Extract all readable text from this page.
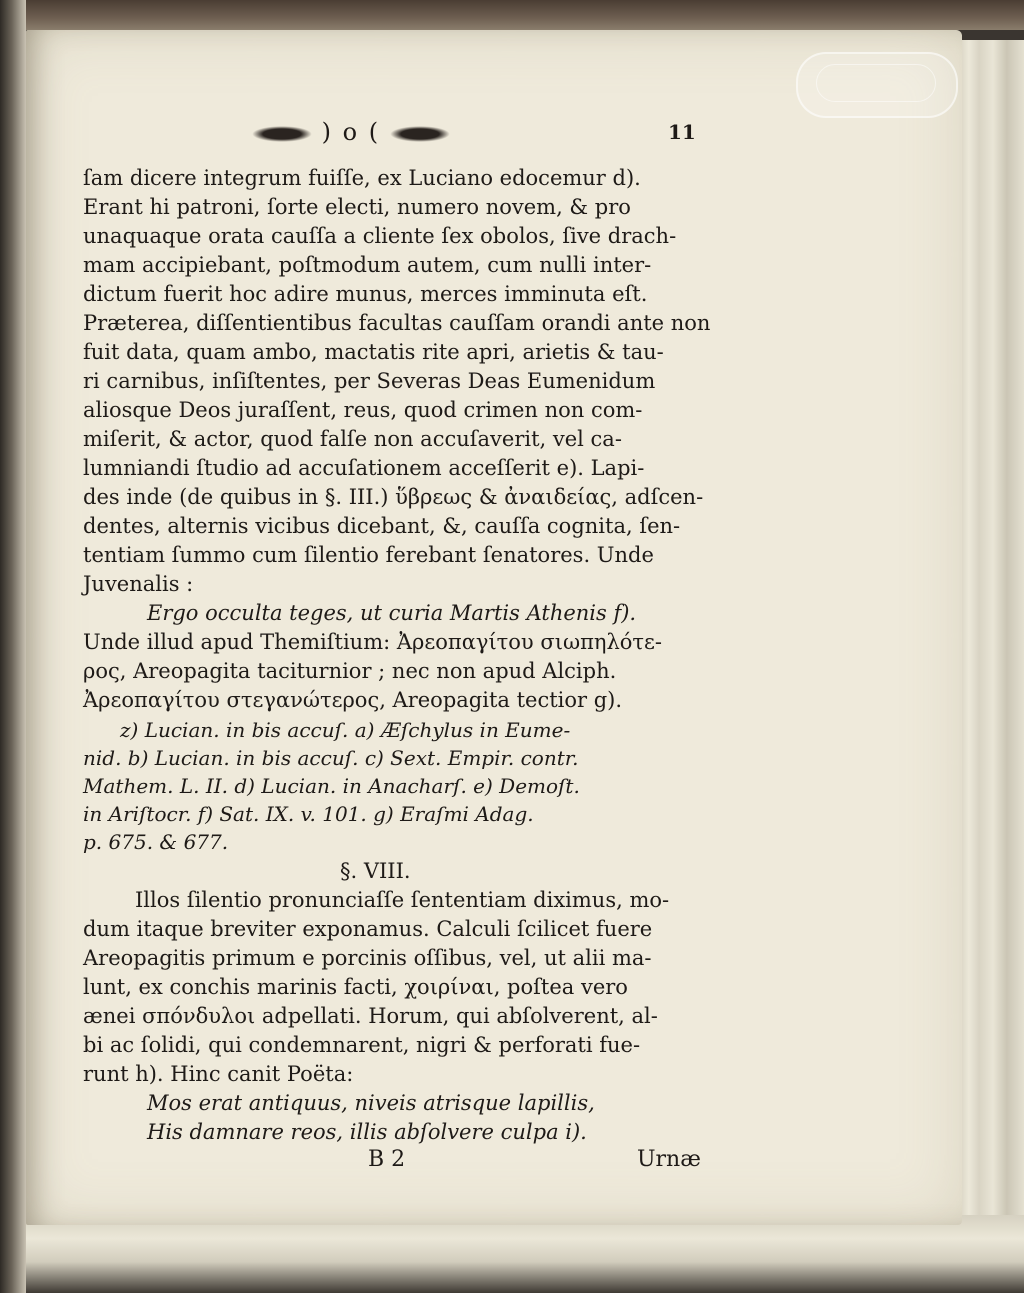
) o (	11
ſam dicere integrum fuiſſe, ex Luciano edocemur d).
Erant hi patroni, ſorte electi, numero novem, & pro
unaquaque orata cauſſa a cliente ſex obolos, ſive drach-
mam accipiebant, poſtmodum autem, cum nulli inter-
dictum fuerit hoc adire munus, merces imminuta eſt.
Præterea, diſſentientibus facultas cauſſam orandi ante non
fuit data, quam ambo, mactatis rite apri, arietis & tau-
ri carnibus, inſiſtentes, per Severas Deas Eumenidum
aliosque Deos juraſſent, reus, quod crimen non com-
miſerit, & actor, quod falſe non accuſaverit, vel ca-
lumniandi ſtudio ad accuſationem acceſſerit e). Lapi-
des inde (de quibus in §. III.) ὕβρεως & ἀναιδείας, adſcen-
dentes, alternis vicibus dicebant, &, cauſſa cognita, ſen-
tentiam ſummo cum ſilentio ferebant ſenatores. Unde
Juvenalis :
Ergo occulta teges, ut curia Martis Athenis f).
Unde illud apud Themiſtium: Ἀρεοπαγίτου σιωπηλότε-
ρος, Areopagita taciturnior ; nec non apud Alciph.
Ἀρεοπαγίτου στεγανώτερος, Areopagita tectior g).
z) Lucian. in bis accuſ. a) Æſchylus in Eume-
nid. b) Lucian. in bis accuſ. c) Sext. Empir. contr.
Mathem. L. II. d) Lucian. in Anacharſ. e) Demoſt.
in Ariſtocr. f) Sat. IX. v. 101. g) Eraſmi Adag.
p. 675. & 677.
§. VIII.
Illos ſilentio pronunciaſſe ſententiam diximus, mo-
dum itaque breviter exponamus. Calculi ſcilicet fuere
Areopagitis primum e porcinis oſſibus, vel, ut alii ma-
lunt, ex conchis marinis facti, χοιρίναι, poſtea vero
ænei σπόνδυλοι adpellati. Horum, qui abſolverent, al-
bi ac ſolidi, qui condemnarent, nigri & perforati fue-
runt h). Hinc canit Poëta:
Mos erat antiquus, niveis atrisque lapillis,
His damnare reos, illis abſolvere culpa i).
B 2	Urnæ
